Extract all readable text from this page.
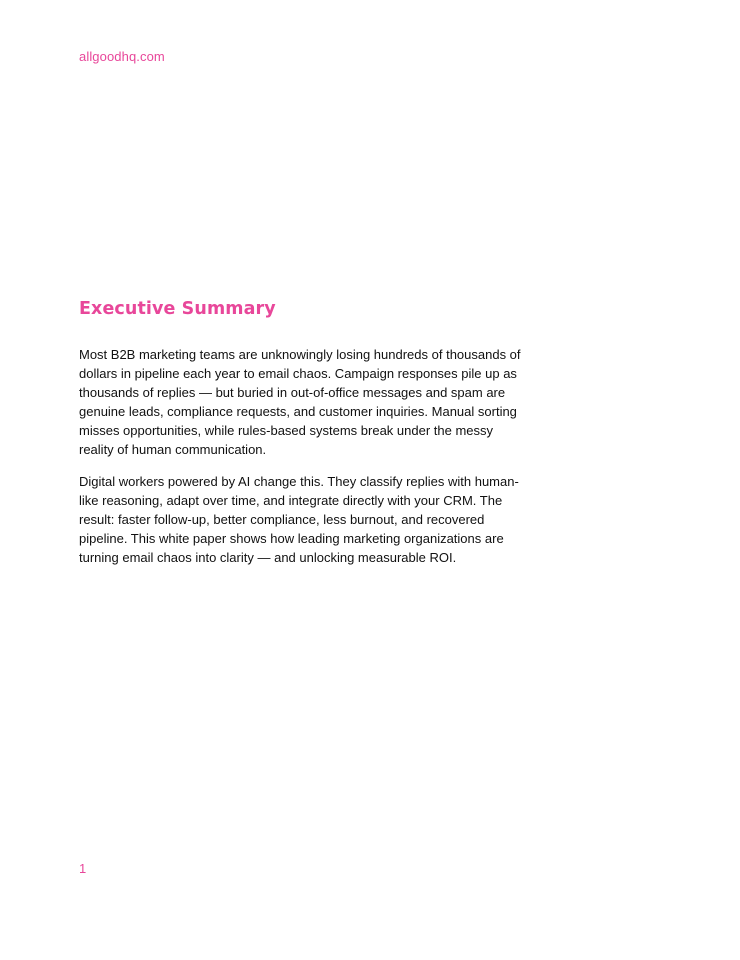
allgoodhq.com
Executive Summary

Most B2B marketing teams are unknowingly losing hundreds of thousands of dollars in pipeline each year to email chaos. Campaign responses pile up as thousands of replies — but buried in out-of-office messages and spam are genuine leads, compliance requests, and customer inquiries. Manual sorting misses opportunities, while rules-based systems break under the messy reality of human communication.

Digital workers powered by AI change this. They classify replies with human-like reasoning, adapt over time, and integrate directly with your CRM. The result: faster follow-up, better compliance, less burnout, and recovered pipeline. This white paper shows how leading marketing organizations are turning email chaos into clarity — and unlocking measurable ROI.

1
